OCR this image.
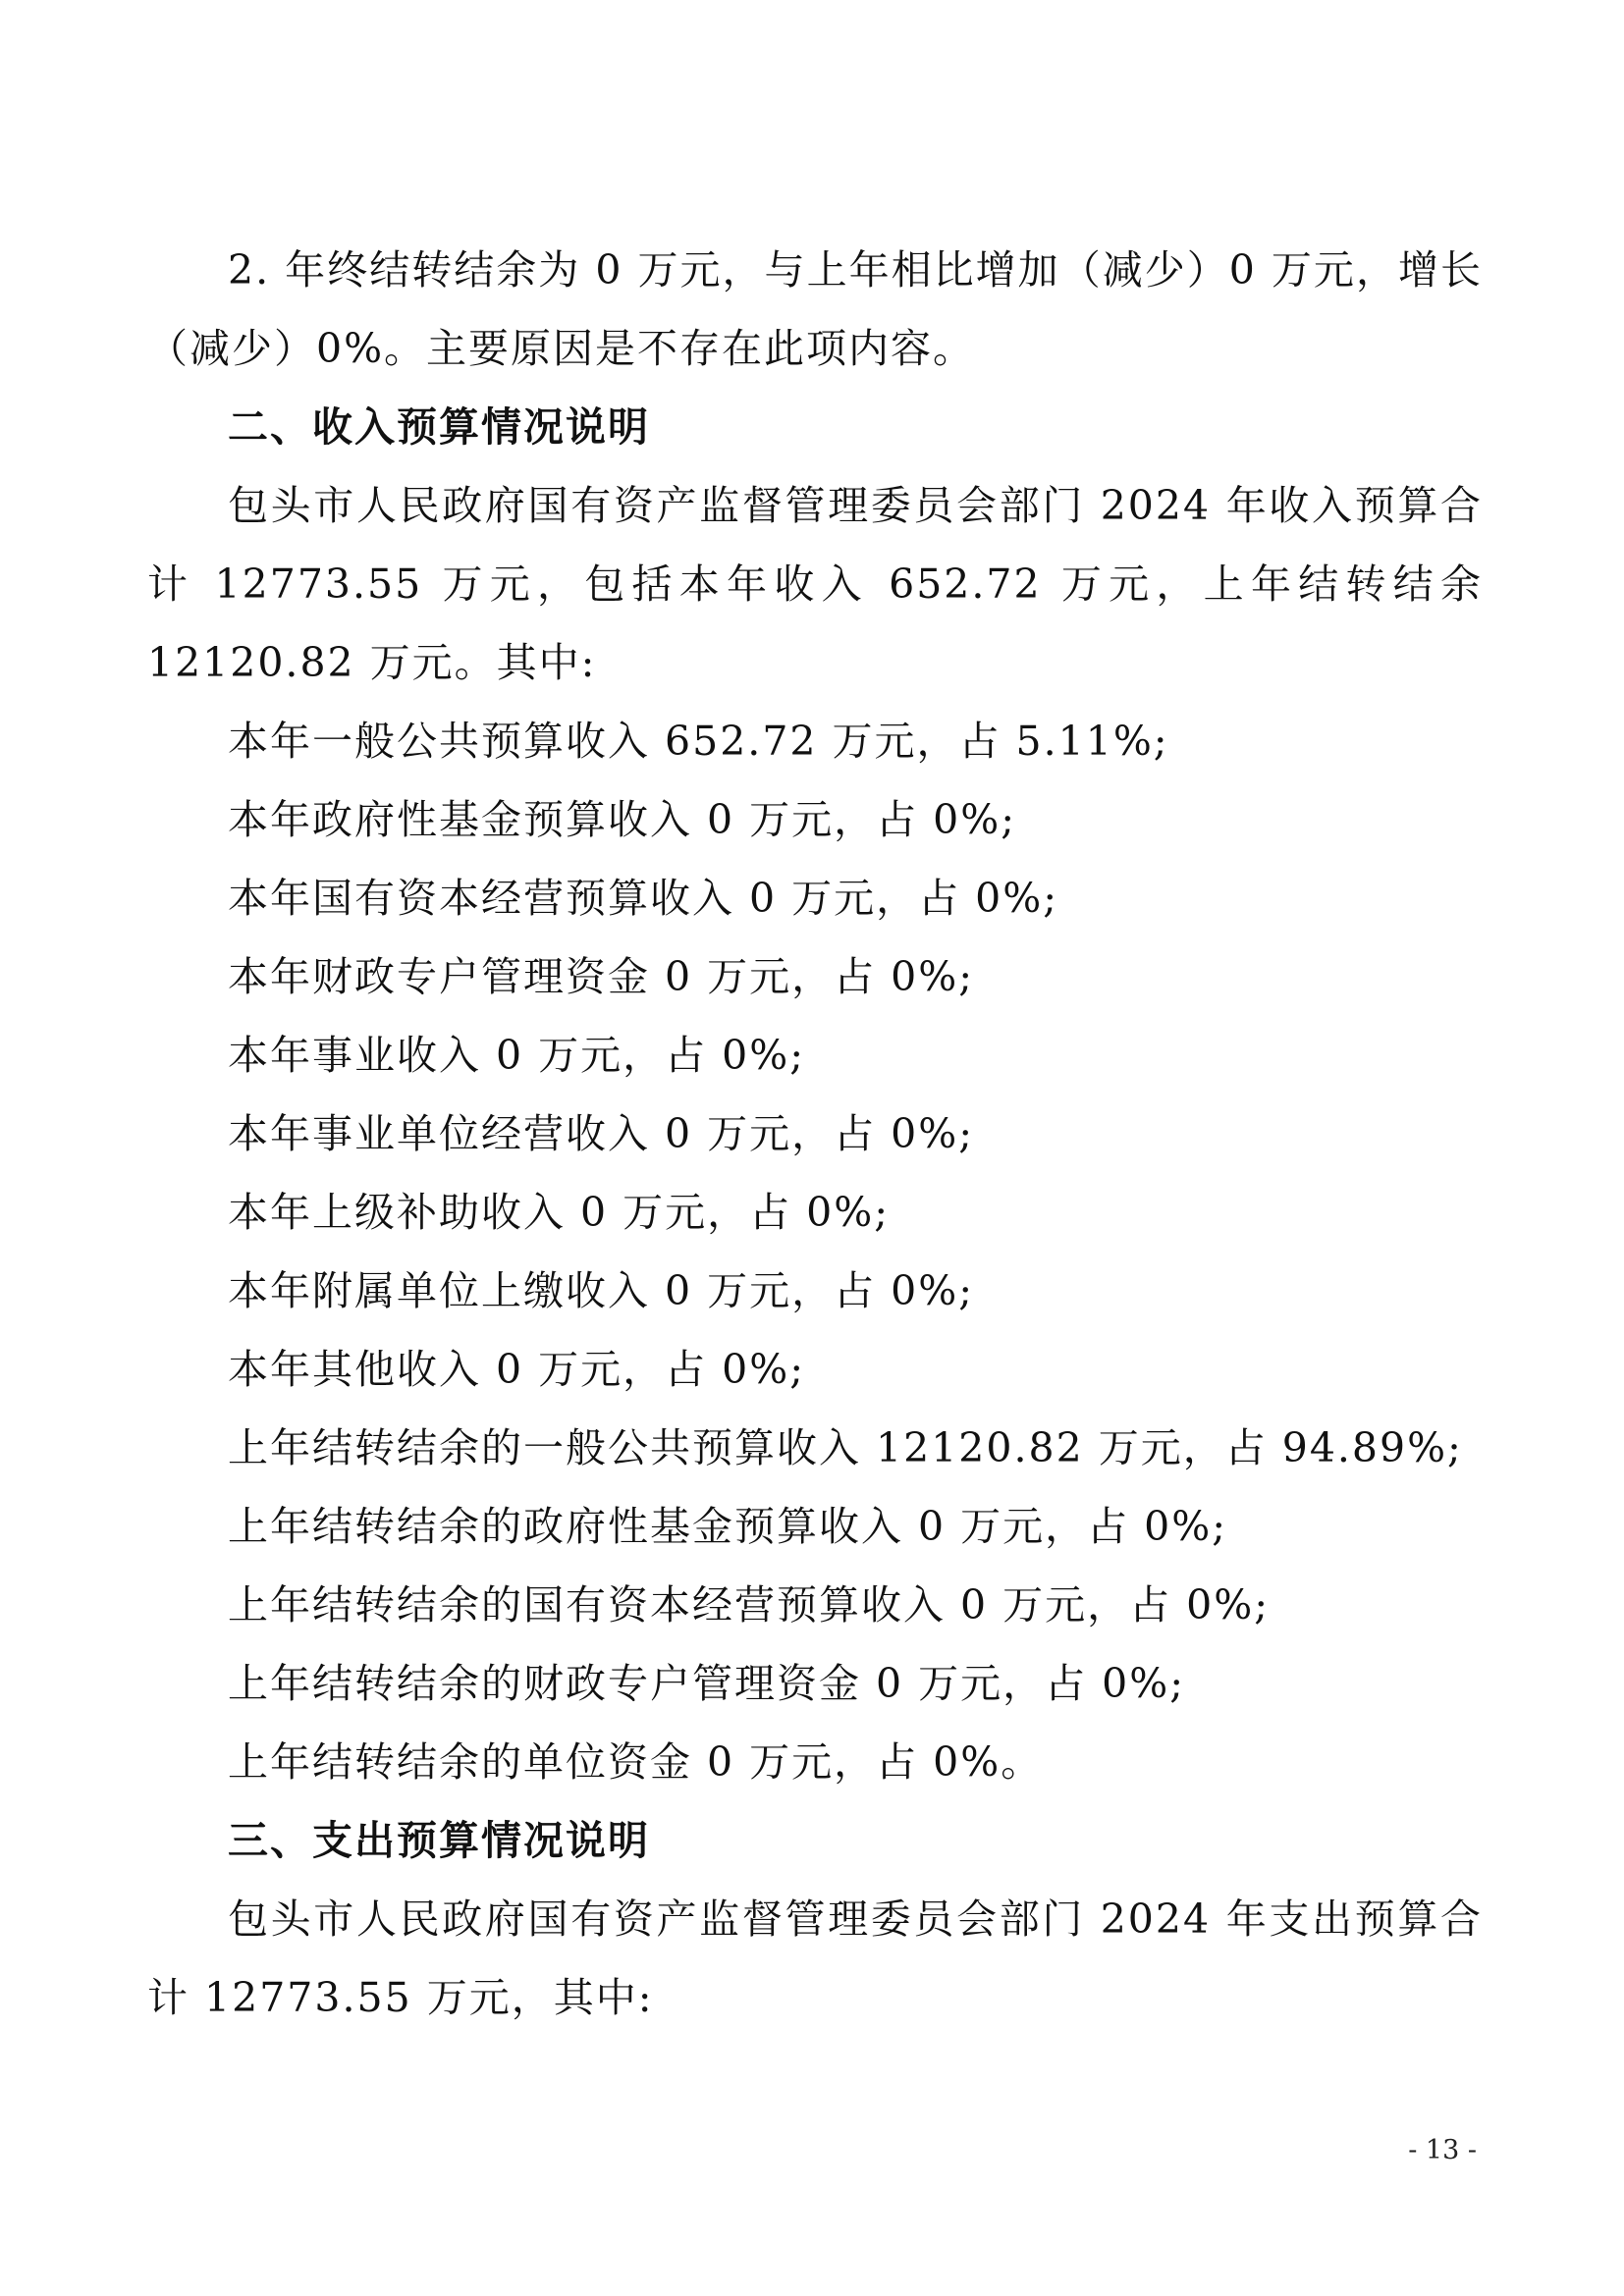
2. 年终结转结余为 0 万元，与上年相比增加（减少）0 万元，增长（减少）0%。主要原因是不存在此项内容。

二、收入预算情况说明

包头市人民政府国有资产监督管理委员会部门 2024 年收入预算合计 12773.55 万元，包括本年收入 652.72 万元，上年结转结余 12120.82 万元。其中:

本年一般公共预算收入 652.72 万元，占 5.11%;

本年政府性基金预算收入 0 万元，占 0%;

本年国有资本经营预算收入 0 万元，占 0%;

本年财政专户管理资金 0 万元，占 0%;

本年事业收入 0 万元，占 0%;

本年事业单位经营收入 0 万元，占 0%;

本年上级补助收入 0 万元，占 0%;

本年附属单位上缴收入 0 万元，占 0%;

本年其他收入 0 万元，占 0%;

上年结转结余的一般公共预算收入 12120.82 万元，占 94.89%;

上年结转结余的政府性基金预算收入 0 万元，占 0%;

上年结转结余的国有资本经营预算收入 0 万元，占 0%;

上年结转结余的财政专户管理资金 0 万元，占 0%;

上年结转结余的单位资金 0 万元，占 0%。

三、支出预算情况说明

包头市人民政府国有资产监督管理委员会部门 2024 年支出预算合计 12773.55 万元，其中:

- 13 -
